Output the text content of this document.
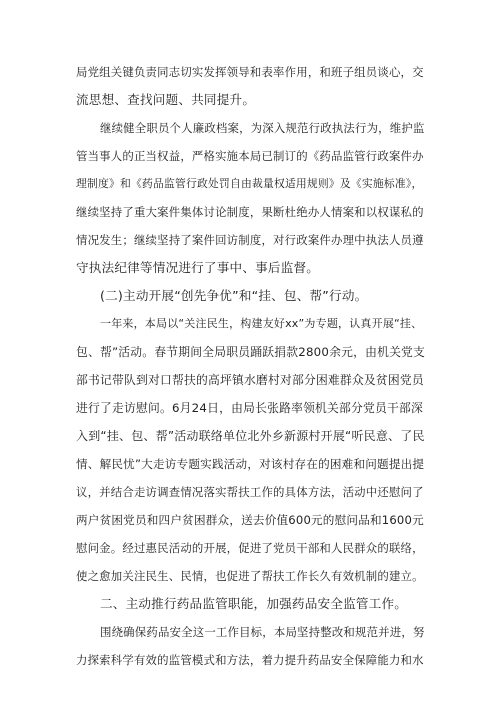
局党组关键负责同志切实发挥领导和表率作用，和班子组员谈心，交
流思想、查找问题、共同提升。
继续健全职员个人廉政档案，为深入规范行政执法行为，维护监
管当事人的正当权益，严格实施本局已制订的《药品监管行政案件办
理制度》和《药品监管行政处罚自由裁量权适用规则》及《实施标准》，
继续坚持了重大案件集体讨论制度，果断杜绝办人情案和以权谋私的
情况发生；继续坚持了案件回访制度，对行政案件办理中执法人员遵
守执法纪律等情况进行了事中、事后监督。
(二)主动开展“创先争优”和“挂、包、帮”行动。
一年来，本局以“关注民生，构建友好xx”为专题，认真开展“挂、
包、帮”活动。春节期间全局职员踊跃捐款2800余元，由机关党支
部书记带队到对口帮扶的高坪镇水磨村对部分困难群众及贫困党员
进行了走访慰问。6月24日，由局长张路率领机关部分党员干部深
入到“挂、包、帮”活动联络单位北外乡新源村开展“听民意、了民
情、解民忧”大走访专题实践活动，对该村存在的困难和问题提出提
议，并结合走访调查情况落实帮扶工作的具体方法，活动中还慰问了
两户贫困党员和四户贫困群众，送去价值600元的慰问品和1600元
慰问金。经过惠民活动的开展，促进了党员干部和人民群众的联络，
使之愈加关注民生、民情，也促进了帮扶工作长久有效机制的建立。
二、主动推行药品监管职能，加强药品安全监管工作。
围绕确保药品安全这一工作目标，本局坚持整改和规范并进，努
力探索科学有效的监管模式和方法，着力提升药品安全保障能力和水
